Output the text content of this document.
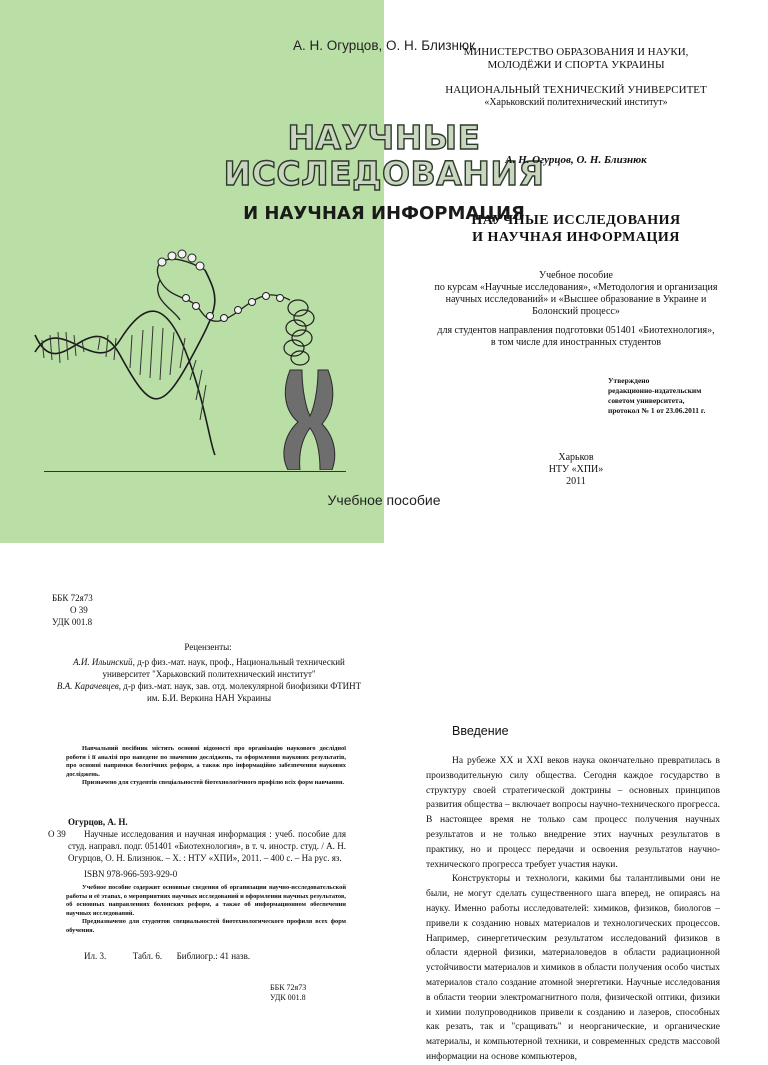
А. Н. Огурцов, О. Н. Близнюк
НАУЧНЫЕ
ИССЛЕДОВАНИЯ
И НАУЧНАЯ ИНФОРМАЦИЯ
Учебное пособие
МИНИСТЕРСТВО ОБРАЗОВАНИЯ И НАУКИ,
МОЛОДЁЖИ И СПОРТА УКРАИНЫ
НАЦИОНАЛЬНЫЙ ТЕХНИЧЕСКИЙ УНИВЕРСИТЕТ
«Харьковский политехнический институт»
А. Н. Огурцов, О. Н. Близнюк
НАУЧНЫЕ ИССЛЕДОВАНИЯ
И НАУЧНАЯ ИНФОРМАЦИЯ
Учебное пособие
по курсам «Научные исследования», «Методология и организация
научных исследований» и «Высшее образование в Украине и
Болонский процесс»
для студентов направления подготовки 051401 «Биотехнология»,
в том числе для иностранных студентов
Утверждено
редакционно-издательским
советом университета,
протокол № 1 от 23.06.2011 г.
Харьков
НТУ «ХПИ»
2011
ББК 72я73
О 39
УДК 001.8
Рецензенты:
А.И. Ильинский, д-р физ.-мат. наук, проф., Национальный технический университет "Харьковский политехнический институт"
В.А. Карачевцев, д-р физ.-мат. наук, зав. отд. молекулярной биофизики ФТИНТ им. Б.И. Веркина НАН Украины

Навчальний посібник містить основні відомості про організацію наукового дослідної роботи і її аналізі про наведене по значенню досліджень, та оформлення наукових результатів, про основні напрямки бологічних реформ, а також про інформаційно забезпечення наукових досліджень.

Призначено для студентів спеціальностей біотехнологічного профілю всіх форм навчання.

Огурцов, А. Н.
О 39	Научные исследования и научная информация : учеб. пособие для студ. направл. подг. 051401 «Биотехнология», в т. ч. иностр. студ. / А. Н. Огурцов, О. Н. Близнюк. – Х. : НТУ «ХПИ», 2011. – 400 с. – На рус. яз.
ISBN 978-966-593-929-0

Учебное пособие содержит основные сведения об организации научно-исследовательской работы и её этапах, о мероприятиях научных исследований и оформлении научных результатов, об основных направлениях болонских реформ, а также об информационном обеспечении научных исследований.

Предназначено для студентов специальностей биотехнологического профиля всех форм обучения.

Ил. 3.	Табл. 6. Библиогр.: 41 назв.
ББК 72я73
УДК 001.8
Введение

На рубеже XX и XXI веков наука окончательно превратилась в производительную силу общества. Сегодня каждое государство в структуру своей стратегической доктрины – основных принципов развития общества – включает вопросы научно-технического прогресса. В настоящее время не только сам процесс получения научных результатов и не только внедрение этих научных результатов в практику, но и процесс передачи и освоения результатов научно-технического прогресса требует участия науки.

Конструкторы и технологи, какими бы талантливыми они не были, не могут сделать существенного шага вперед, не опираясь на науку. Именно работы исследователей: химиков, физиков, биологов – привели к созданию новых материалов и технологических процессов. Например, синергетическим результатом исследований физиков в области ядерной физики, материаловедов в области радиационной устойчивости материалов и химиков в области получения особо чистых материалов стало создание атомной энергетики. Научные исследования в области теории электромагнитного поля, физической оптики, физики и химии полупроводников привели к созданию и лазеров, способных как резать, так и "сращивать" и неорганические, и органические материалы, и компьютерной техники, и современных средств массовой информации на основе компьютеров,
